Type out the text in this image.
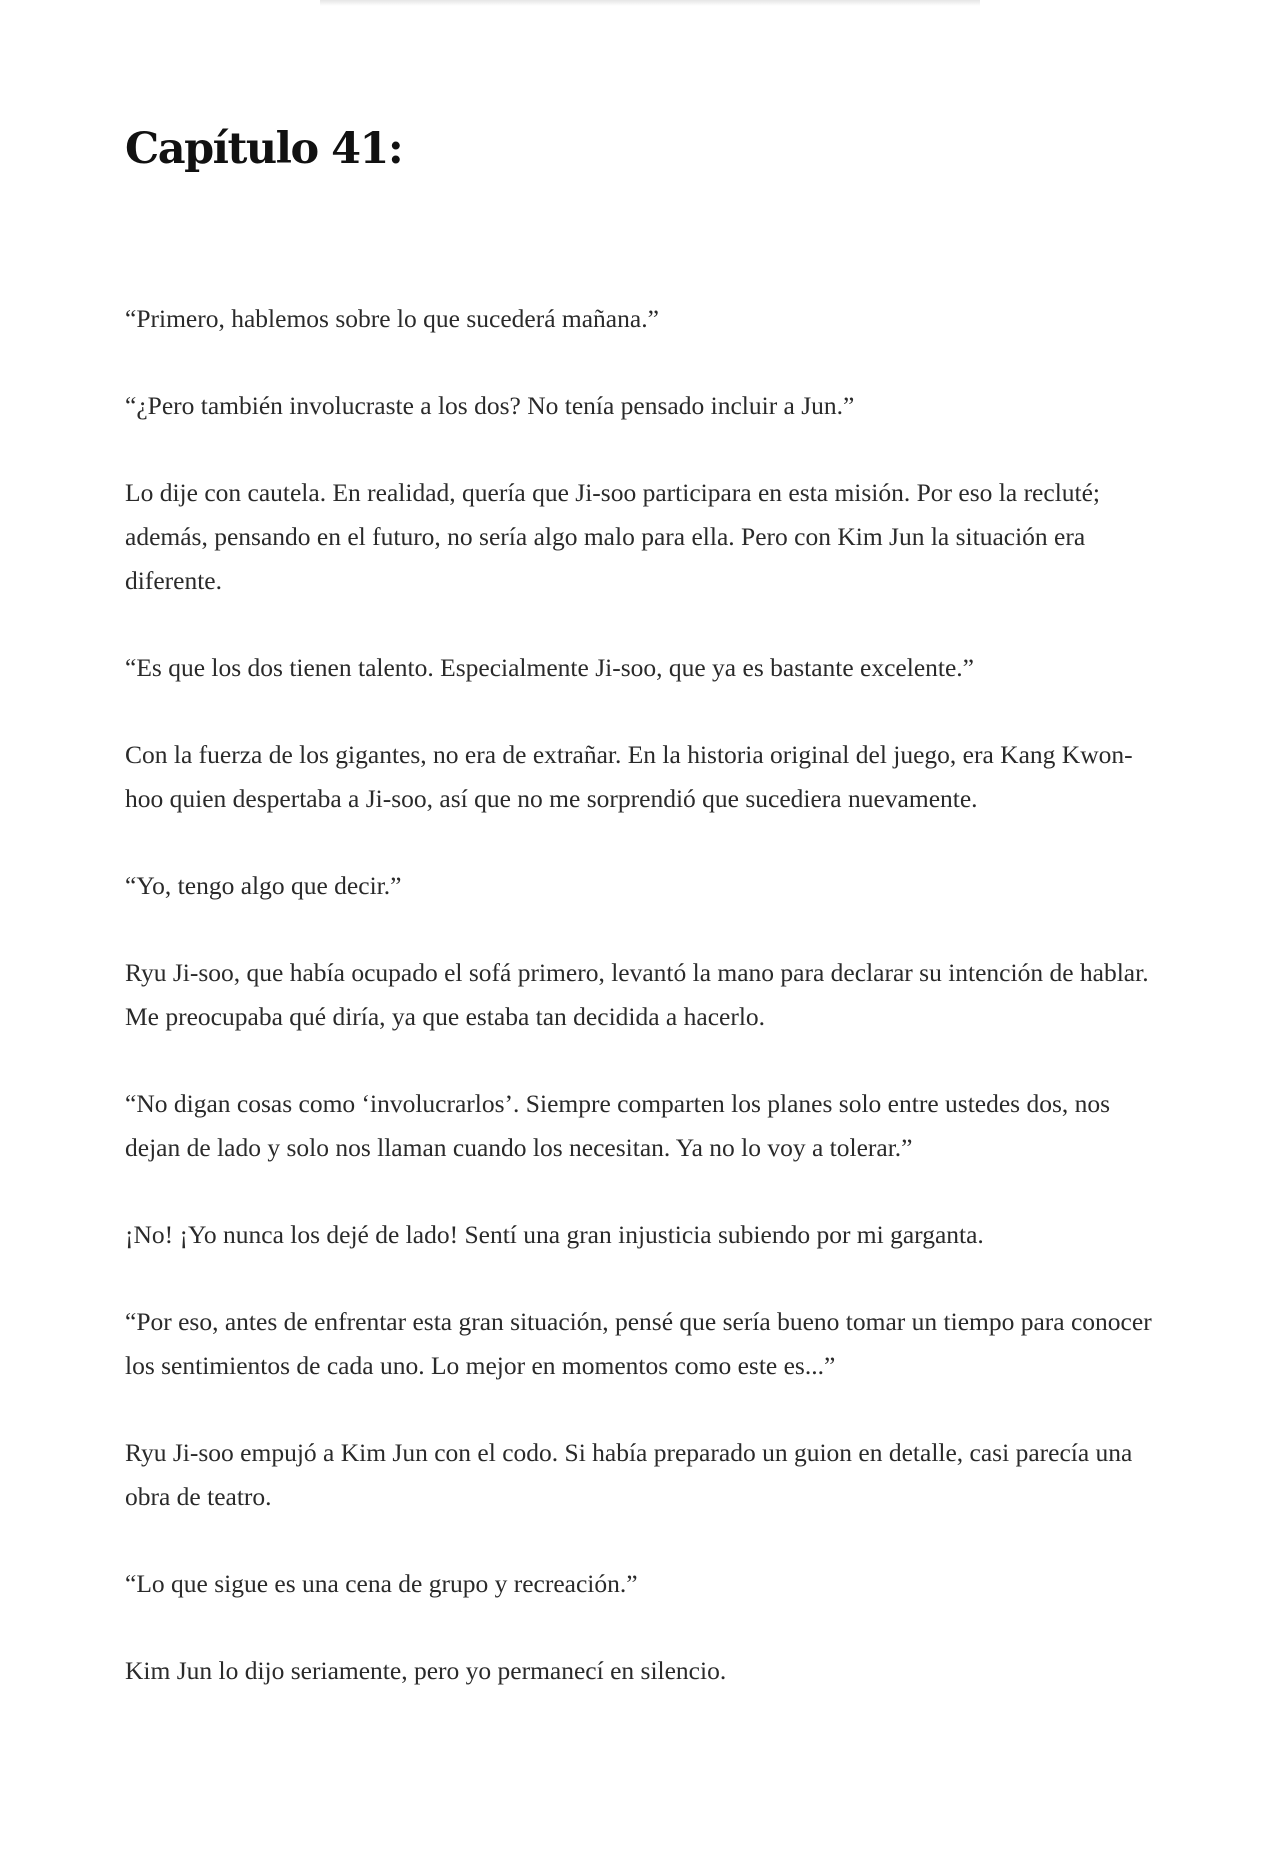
Capítulo 41:

“Primero, hablemos sobre lo que sucederá mañana.”

“¿Pero también involucraste a los dos? No tenía pensado incluir a Jun.”

Lo dije con cautela. En realidad, quería que Ji-soo participara en esta misión. Por eso la recluté; además, pensando en el futuro, no sería algo malo para ella. Pero con Kim Jun la situación era diferente.

“Es que los dos tienen talento. Especialmente Ji-soo, que ya es bastante excelente.”

Con la fuerza de los gigantes, no era de extrañar. En la historia original del juego, era Kang Kwon-hoo quien despertaba a Ji-soo, así que no me sorprendió que sucediera nuevamente.

“Yo, tengo algo que decir.”

Ryu Ji-soo, que había ocupado el sofá primero, levantó la mano para declarar su intención de hablar. Me preocupaba qué diría, ya que estaba tan decidida a hacerlo.

“No digan cosas como ‘involucrarlos’. Siempre comparten los planes solo entre ustedes dos, nos dejan de lado y solo nos llaman cuando los necesitan. Ya no lo voy a tolerar.”

¡No! ¡Yo nunca los dejé de lado! Sentí una gran injusticia subiendo por mi garganta.

“Por eso, antes de enfrentar esta gran situación, pensé que sería bueno tomar un tiempo para conocer los sentimientos de cada uno. Lo mejor en momentos como este es...”

Ryu Ji-soo empujó a Kim Jun con el codo. Si había preparado un guion en detalle, casi parecía una obra de teatro.

“Lo que sigue es una cena de grupo y recreación.”

Kim Jun lo dijo seriamente, pero yo permanecí en silencio.
